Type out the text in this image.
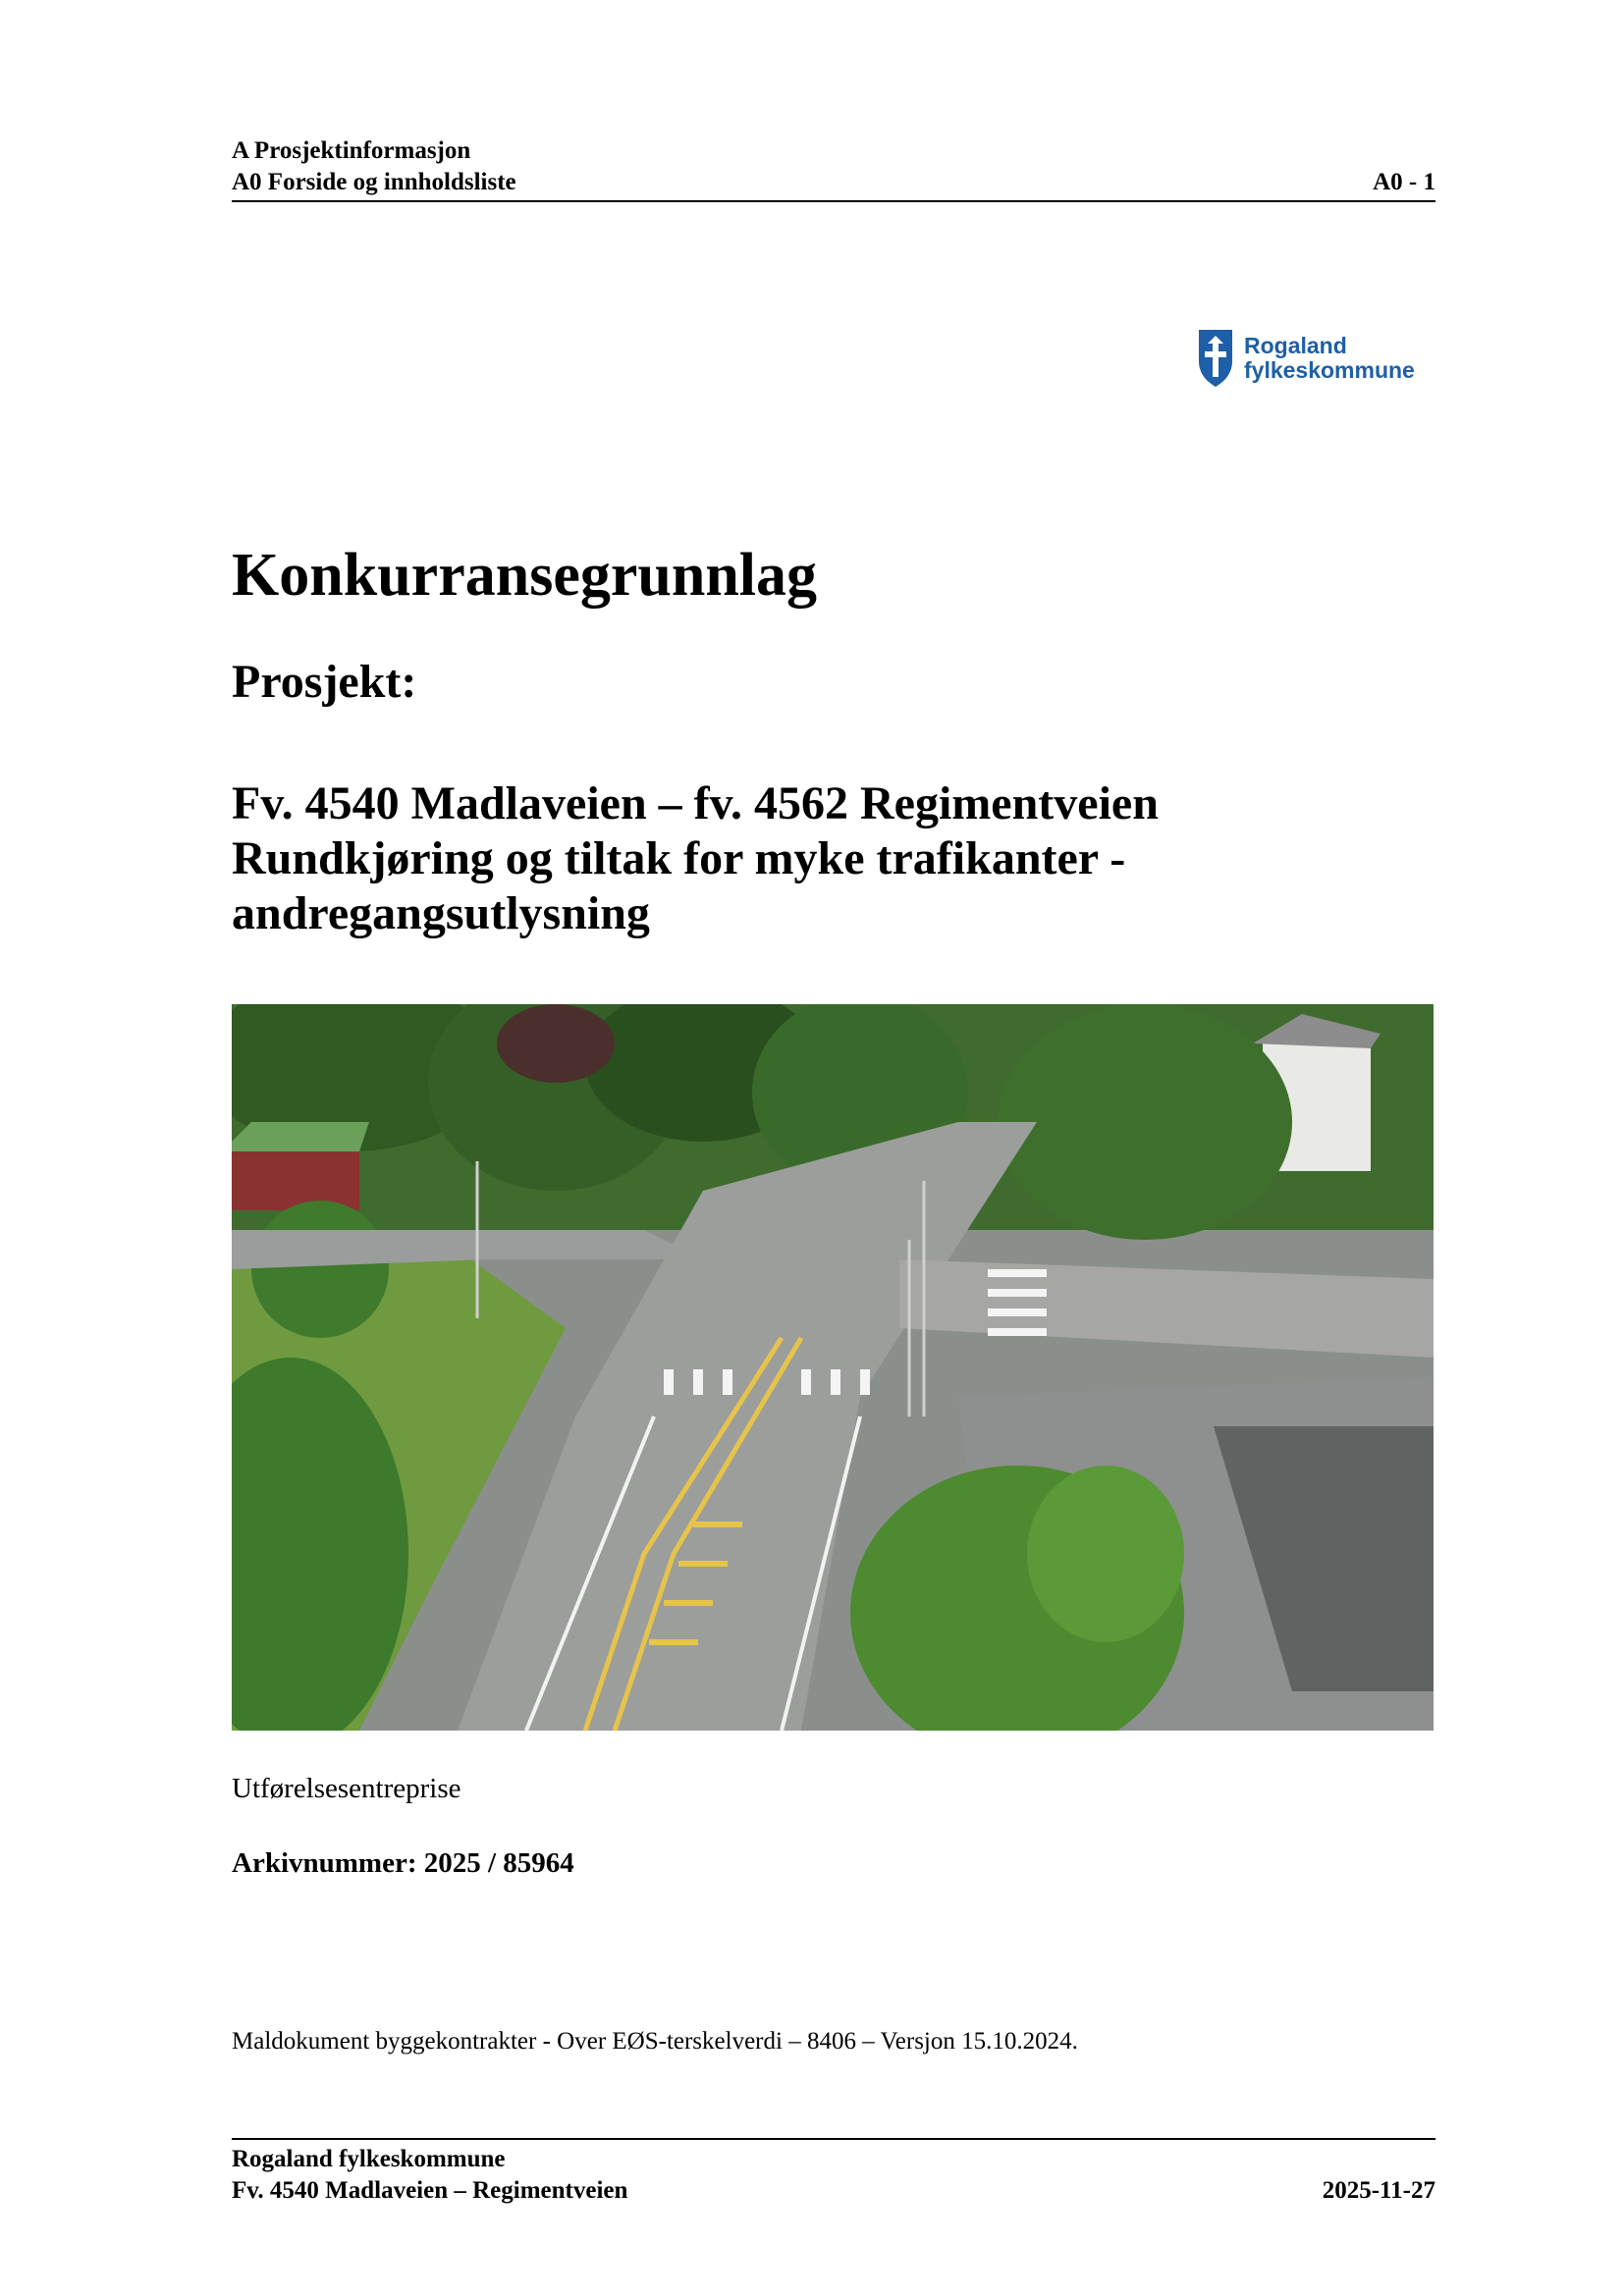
A Prosjektinformasjon
A0 Forside og innholdsliste	A0 - 1
Rogaland
fylkeskommune
Konkurransegrunnlag
Prosjekt:
Fv. 4540 Madlaveien – fv. 4562 Regimentveien
Rundkjøring og tiltak for myke trafikanter -
andregangsutlysning
Utførelsesentreprise
Arkivnummer: 2025 / 85964
Maldokument byggekontrakter - Over EØS-terskelverdi – 8406 – Versjon 15.10.2024.
Rogaland fylkeskommune
Fv. 4540 Madlaveien – Regimentveien	2025-11-27
